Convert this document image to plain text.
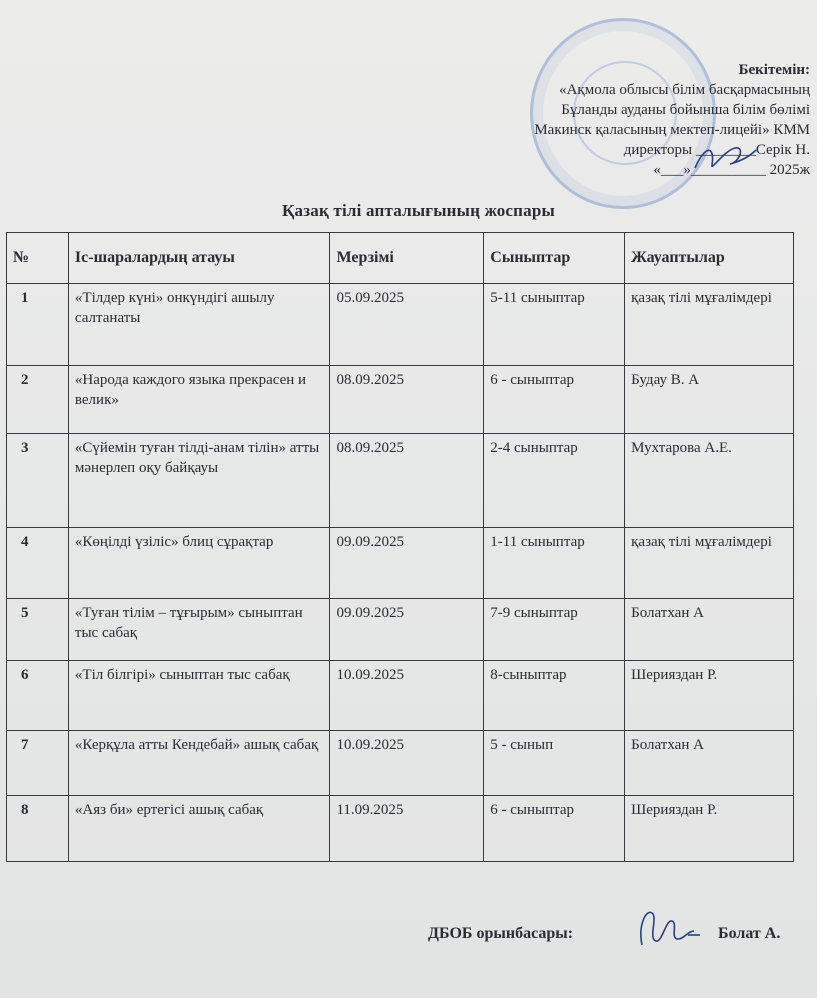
Бекітемін:
«Ақмола облысы білім басқармасының
Бұланды ауданы бойынша білім бөлімі
Макинск қаласының мектеп-лицейі» КММ
директоры ________Серік Н.
«___»__________ 2025ж
Қазақ тілі апталығының жоспары
№	Іс-шаралардың атауы	Мерзімі	Сыныптар	Жауаптылар
1	«Тілдер күні» онкүндігі ашылу салтанаты	05.09.2025	5-11 сыныптар	қазақ тілі мұғалімдері
2	«Народа каждого языка прекрасен и велик»	08.09.2025	6 - сыныптар	Будау В. А
3	«Сүйемін туған тілді-анам тілін» атты мәнерлеп оқу байқауы	08.09.2025	2-4 сыныптар	Мухтарова А.Е.
4	«Көңілді үзіліс» блиц сұрақтар	09.09.2025	1-11 сыныптар	қазақ тілі мұғалімдері
5	«Туған тілім – тұғырым» сыныптан тыс сабақ	09.09.2025	7-9 сыныптар	Болатхан А
6	«Тіл білгірі» сыныптан тыс сабақ	10.09.2025	8-сыныптар	Шерияздан Р.
7	«Керқұла атты Кендебай» ашық сабақ	10.09.2025	5 - сынып	Болатхан А
8	«Аяз би» ертегісі ашық сабақ	11.09.2025	6 - сыныптар	Шерияздан Р.
ДБОБ орынбасары:	Болат А.
